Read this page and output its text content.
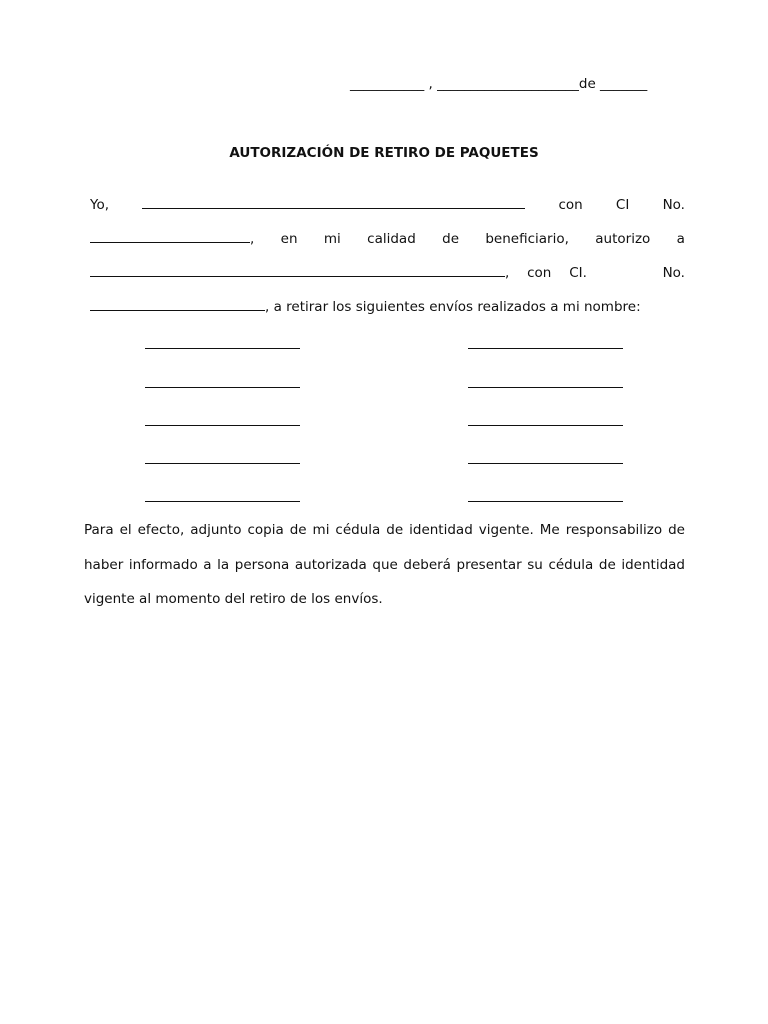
___________ , _____________________de _______
AUTORIZACIÓN DE RETIRO DE PAQUETES
Yo,	con CI No.
, en mi calidad de beneficiario, autorizo a
, con CI.	No.
, a retirar los siguientes envíos realizados a mi nombre:
Para el efecto, adjunto copia de mi cédula de identidad vigente. Me responsabilizo de haber informado a la persona autorizada que deberá presentar su cédula de identidad vigente al momento del retiro de los envíos.
